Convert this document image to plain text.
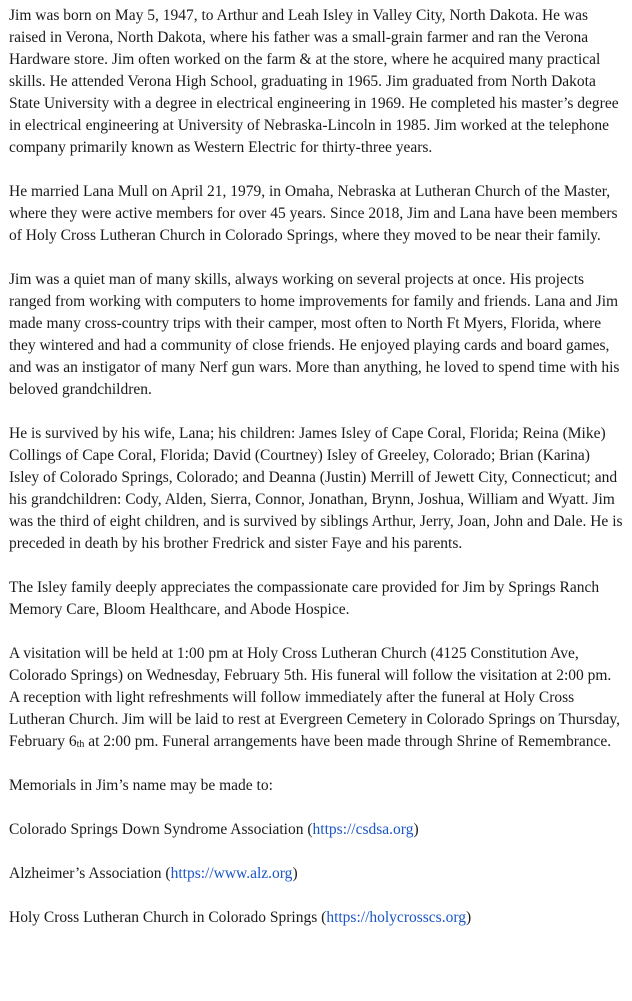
Jim was born on May 5, 1947, to Arthur and Leah Isley in Valley City, North Dakota. He was raised in Verona, North Dakota, where his father was a small-grain farmer and ran the Verona Hardware store. Jim often worked on the farm & at the store, where he acquired many practical skills. He attended Verona High School, graduating in 1965. Jim graduated from North Dakota State University with a degree in electrical engineering in 1969. He completed his master’s degree in electrical engineering at University of Nebraska-Lincoln in 1985. Jim worked at the telephone company primarily known as Western Electric for thirty-three years.

He married Lana Mull on April 21, 1979, in Omaha, Nebraska at Lutheran Church of the Master, where they were active members for over 45 years. Since 2018, Jim and Lana have been members of Holy Cross Lutheran Church in Colorado Springs, where they moved to be near their family.

Jim was a quiet man of many skills, always working on several projects at once. His projects ranged from working with computers to home improvements for family and friends. Lana and Jim made many cross-country trips with their camper, most often to North Ft Myers, Florida, where they wintered and had a community of close friends. He enjoyed playing cards and board games, and was an instigator of many Nerf gun wars. More than anything, he loved to spend time with his beloved grandchildren.

He is survived by his wife, Lana; his children: James Isley of Cape Coral, Florida; Reina (Mike) Collings of Cape Coral, Florida; David (Courtney) Isley of Greeley, Colorado; Brian (Karina) Isley of Colorado Springs, Colorado; and Deanna (Justin) Merrill of Jewett City, Connecticut; and his grandchildren: Cody, Alden, Sierra, Connor, Jonathan, Brynn, Joshua, William and Wyatt. Jim was the third of eight children, and is survived by siblings Arthur, Jerry, Joan, John and Dale. He is preceded in death by his brother Fredrick and sister Faye and his parents.

The Isley family deeply appreciates the compassionate care provided for Jim by Springs Ranch Memory Care, Bloom Healthcare, and Abode Hospice.

A visitation will be held at 1:00 pm at Holy Cross Lutheran Church (4125 Constitution Ave, Colorado Springs) on Wednesday, February 5th. His funeral will follow the visitation at 2:00 pm. A reception with light refreshments will follow immediately after the funeral at Holy Cross Lutheran Church. Jim will be laid to rest at Evergreen Cemetery in Colorado Springs on Thursday, February $6_{th}$ at 2:00 pm. Funeral arrangements have been made through Shrine of Remembrance.

Memorials in Jim’s name may be made to:

Colorado Springs Down Syndrome Association (https://csdsa.org)

Alzheimer’s Association (https://www.alz.org)

Holy Cross Lutheran Church in Colorado Springs (https://holycrosscs.org)
